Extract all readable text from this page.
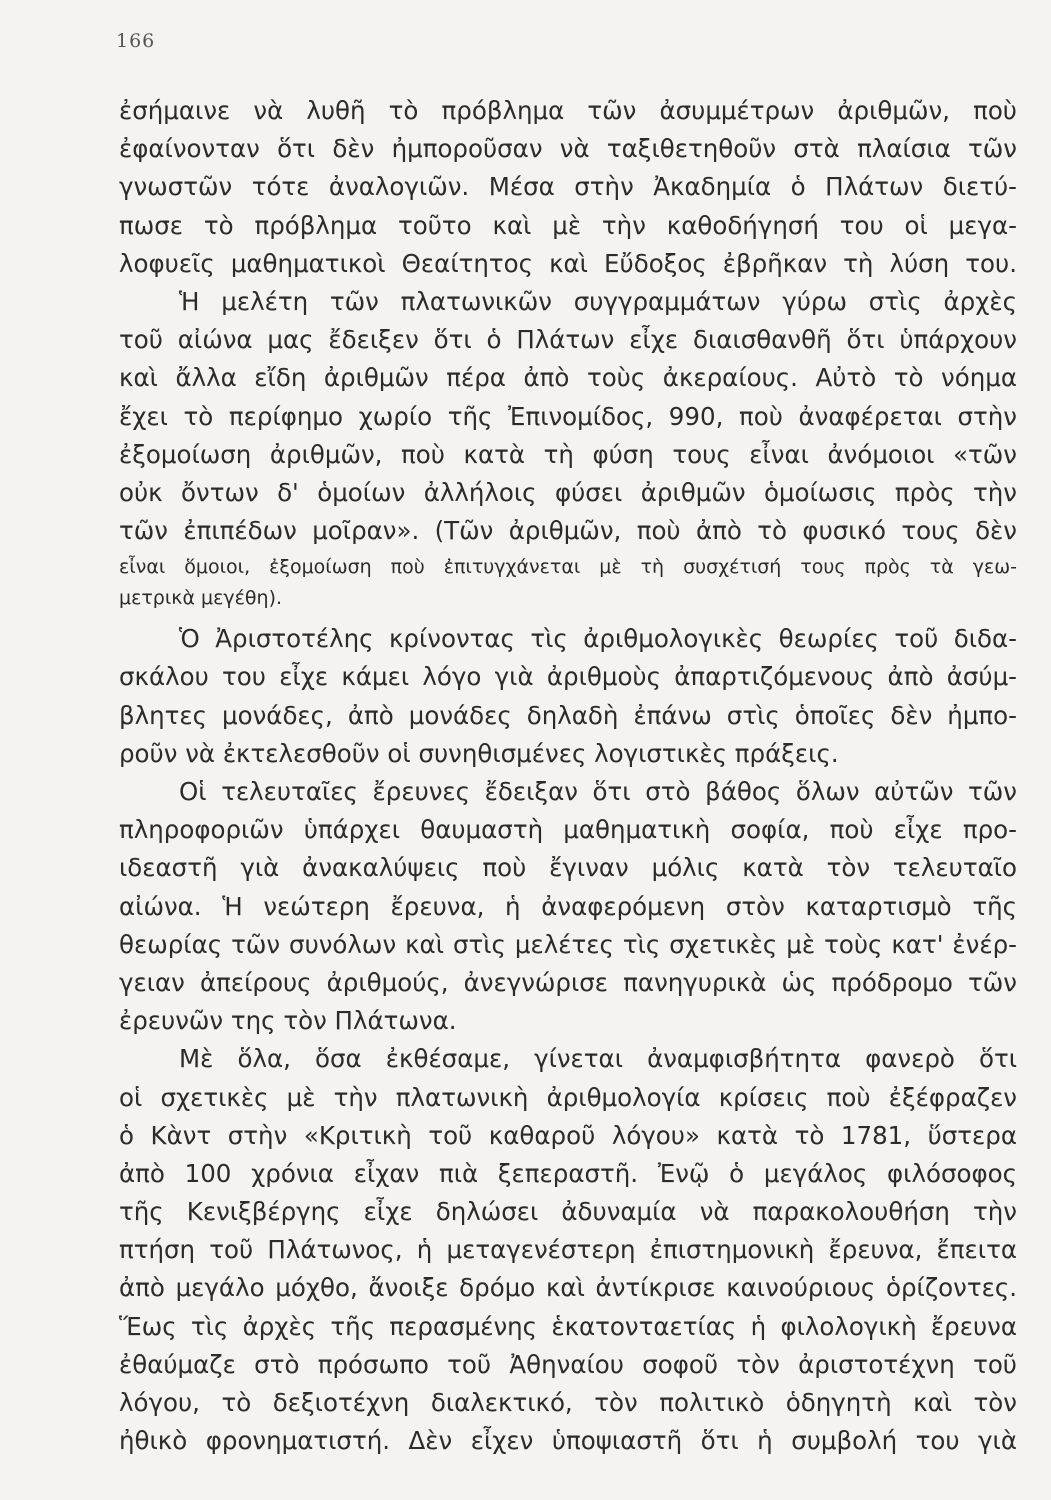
166
ἐσήμαινε νὰ λυθῆ τὸ πρόβλημα τῶν ἀσυμμέτρων ἀριθμῶν, ποὺ
ἐφαίνονταν ὅτι δὲν ἠμποροῦσαν νὰ ταξιθετηθοῦν στὰ πλαίσια τῶν
γνωστῶν τότε ἀναλογιῶν. Μέσα στὴν Ἀκαδημία ὁ Πλάτων διετύ-
πωσε τὸ πρόβλημα τοῦτο καὶ μὲ τὴν καθοδήγησή του οἱ μεγα-
λοφυεῖς μαθηματικοὶ Θεαίτητος καὶ Εὔδοξος ἐβρῆκαν τὴ λύση του.
Ἡ μελέτη τῶν πλατωνικῶν συγγραμμάτων γύρω στὶς ἀρχὲς
τοῦ αἰώνα μας ἔδειξεν ὅτι ὁ Πλάτων εἶχε διαισθανθῆ ὅτι ὑπάρχουν
καὶ ἄλλα εἴδη ἀριθμῶν πέρα ἀπὸ τοὺς ἀκεραίους. Αὐτὸ τὸ νόημα
ἔχει τὸ περίφημο χωρίο τῆς Ἐπινομίδος, 990, ποὺ ἀναφέρεται στὴν
ἐξομοίωση ἀριθμῶν, ποὺ κατὰ τὴ φύση τους εἶναι ἀνόμοιοι «τῶν
οὐκ ὄντων δ' ὁμοίων ἀλλήλοις φύσει ἀριθμῶν ὁμοίωσις πρὸς τὴν
τῶν ἐπιπέδων μοῖραν». (Τῶν ἀριθμῶν, ποὺ ἀπὸ τὸ φυσικό τους δὲν
εἶναι ὅμοιοι, ἐξομοίωση ποὺ ἐπιτυγχάνεται μὲ τὴ συσχέτισή τους πρὸς τὰ γεω-
μετρικὰ μεγέθη).
Ὁ Ἀριστοτέλης κρίνοντας τὶς ἀριθμολογικὲς θεωρίες τοῦ διδα-
σκάλου του εἶχε κάμει λόγο γιὰ ἀριθμοὺς ἀπαρτιζόμενους ἀπὸ ἀσύμ-
βλητες μονάδες, ἀπὸ μονάδες δηλαδὴ ἐπάνω στὶς ὁποῖες δὲν ἠμπο-
ροῦν νὰ ἐκτελεσθοῦν οἱ συνηθισμένες λογιστικὲς πράξεις.
Οἱ τελευταῖες ἔρευνες ἔδειξαν ὅτι στὸ βάθος ὅλων αὐτῶν τῶν
πληροφοριῶν ὑπάρχει θαυμαστὴ μαθηματικὴ σοφία, ποὺ εἶχε προ-
ιδεαστῆ γιὰ ἀνακαλύψεις ποὺ ἔγιναν μόλις κατὰ τὸν τελευταῖο
αἰώνα. Ἡ νεώτερη ἔρευνα, ἡ ἀναφερόμενη στὸν καταρτισμὸ τῆς
θεωρίας τῶν συνόλων καὶ στὶς μελέτες τὶς σχετικὲς μὲ τοὺς κατ' ἐνέρ-
γειαν ἀπείρους ἀριθμούς, ἀνεγνώρισε πανηγυρικὰ ὡς πρόδρομο τῶν
ἐρευνῶν της τὸν Πλάτωνα.
Μὲ ὅλα, ὅσα ἐκθέσαμε, γίνεται ἀναμφισβήτητα φανερὸ ὅτι
οἱ σχετικὲς μὲ τὴν πλατωνικὴ ἀριθμολογία κρίσεις ποὺ ἐξέφραζεν
ὁ Κὰντ στὴν «Κριτικὴ τοῦ καθαροῦ λόγου» κατὰ τὸ 1781, ὕστερα
ἀπὸ 100 χρόνια εἶχαν πιὰ ξεπεραστῆ. Ἐνῷ ὁ μεγάλος φιλόσοφος
τῆς Κενιξβέργης εἶχε δηλώσει ἀδυναμία νὰ παρακολουθήση τὴν
πτήση τοῦ Πλάτωνος, ἡ μεταγενέστερη ἐπιστημονικὴ ἔρευνα, ἔπειτα
ἀπὸ μεγάλο μόχθο, ἄνοιξε δρόμο καὶ ἀντίκρισε καινούριους ὁρίζοντες.
Ἕως τὶς ἀρχὲς τῆς περασμένης ἑκατονταετίας ἡ φιλολογικὴ ἔρευνα
ἐθαύμαζε στὸ πρόσωπο τοῦ Ἀθηναίου σοφοῦ τὸν ἀριστοτέχνη τοῦ
λόγου, τὸ δεξιοτέχνη διαλεκτικό, τὸν πολιτικὸ ὁδηγητὴ καὶ τὸν
ἠθικὸ φρονηματιστή. Δὲν εἶχεν ὑποψιαστῆ ὅτι ἡ συμβολή του γιὰ
